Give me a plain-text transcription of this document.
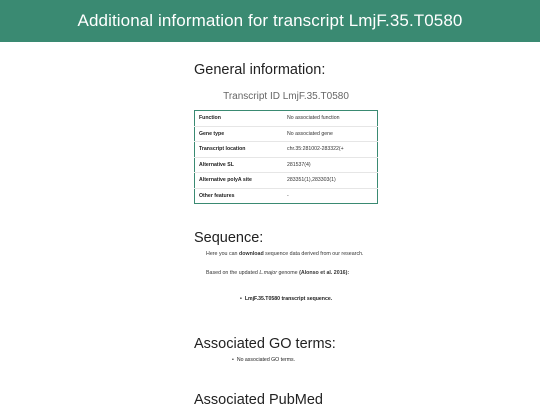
Additional information for transcript LmjF.35.T0580
General information:
Transcript ID LmjF.35.T0580
Function	No associated function
Gene type	No associated gene
Transcript location	chr.35:281002-283322(+
Alternative SL	281537(4)
Alternative polyA site	283351(1),283303(1)
Other features	-
Sequence:
Here you can download sequence data derived from our research.
Based on the updated L.major genome (Alonso et al. 2016):
• LmjF.35.T0580 transcript sequence.
Associated GO terms:
• No associated GO terms.
Associated PubMed
